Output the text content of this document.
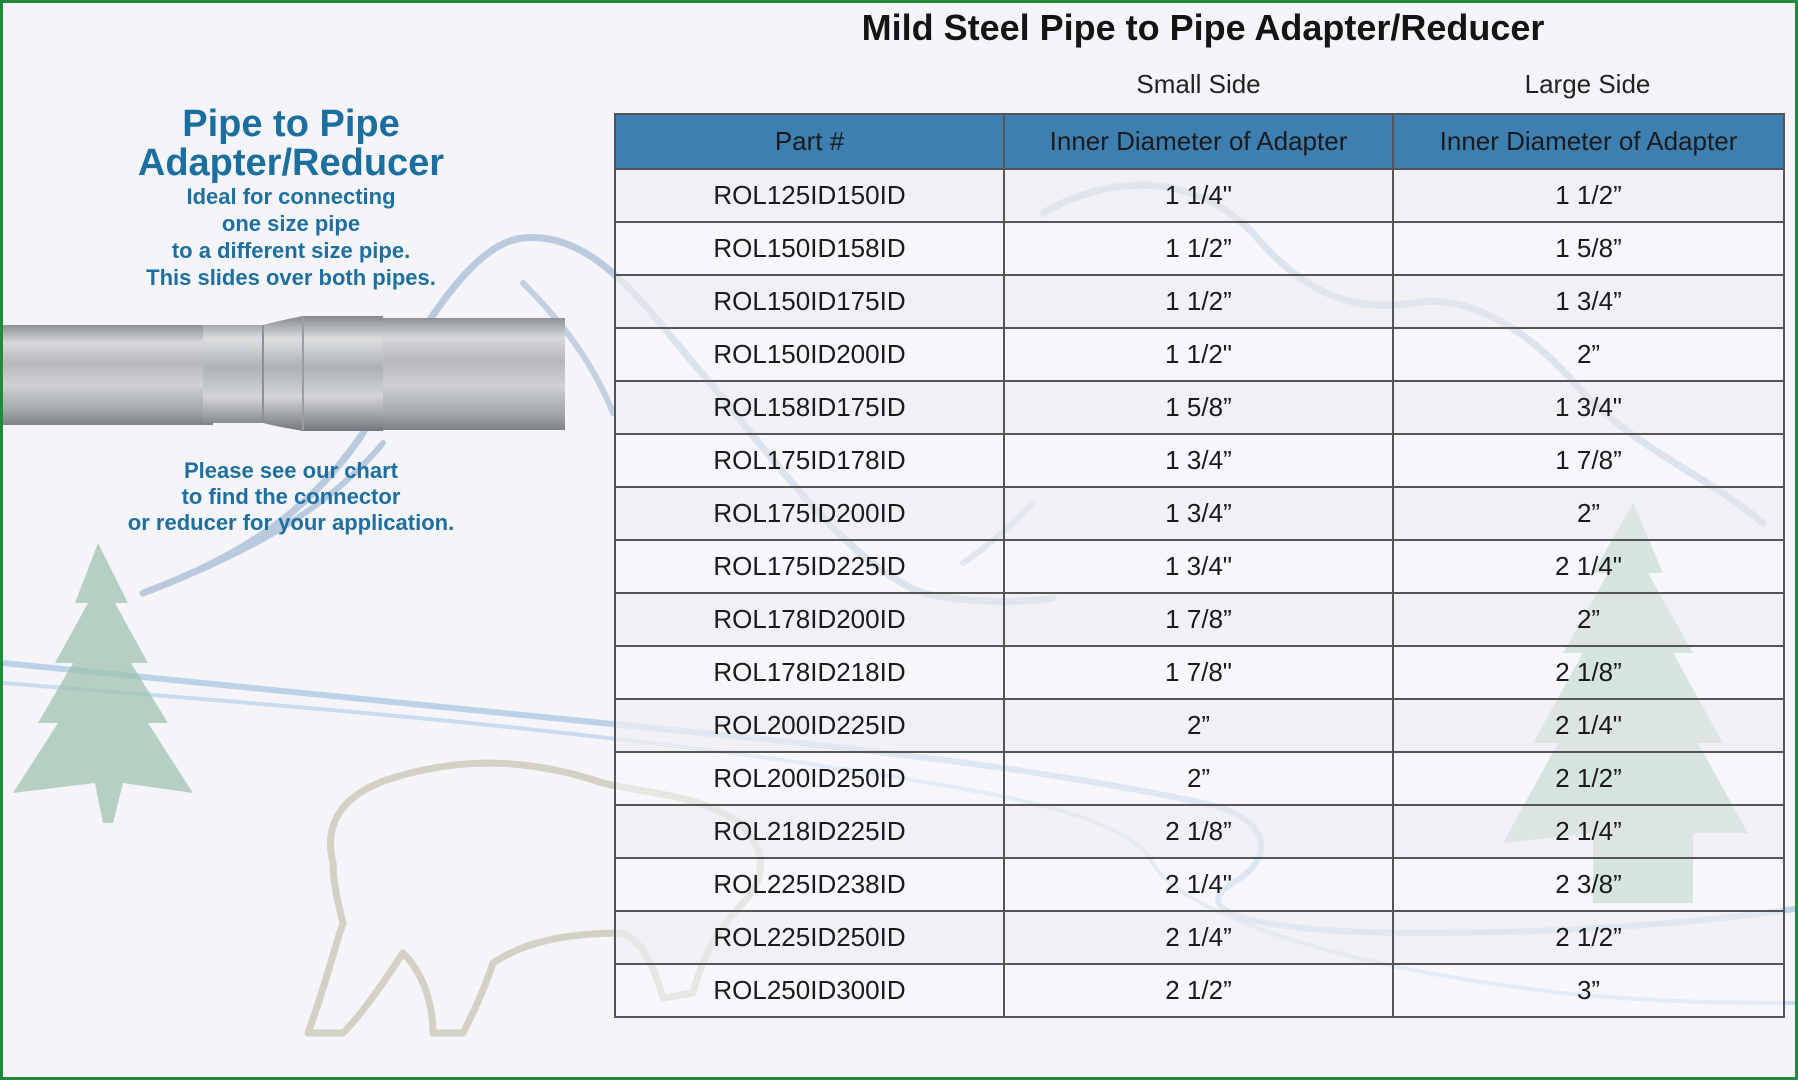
Mild Steel Pipe to Pipe Adapter/Reducer
Small Side	Large Side
Pipe to Pipe
Adapter/Reducer
Ideal for connecting
one size pipe
to a different size pipe.
This slides over both pipes.
Please see our chart
to find the connector
or reducer for your application.
Part #	Inner Diameter of Adapter	Inner Diameter of Adapter
ROL125ID150ID	1 1/4"	1 1/2”
ROL150ID158ID	1 1/2”	1 5/8”
ROL150ID175ID	1 1/2”	1 3/4”
ROL150ID200ID	1 1/2"	2”
ROL158ID175ID	1 5/8”	1 3/4"
ROL175ID178ID	1 3/4”	1 7/8”
ROL175ID200ID	1 3/4”	2”
ROL175ID225ID	1 3/4"	2 1/4"
ROL178ID200ID	1 7/8”	2”
ROL178ID218ID	1 7/8"	2 1/8”
ROL200ID225ID	2”	2 1/4"
ROL200ID250ID	2”	2 1/2”
ROL218ID225ID	2 1/8”	2 1/4”
ROL225ID238ID	2 1/4"	2 3/8”
ROL225ID250ID	2 1/4”	2 1/2”
ROL250ID300ID	2 1/2”	3”
